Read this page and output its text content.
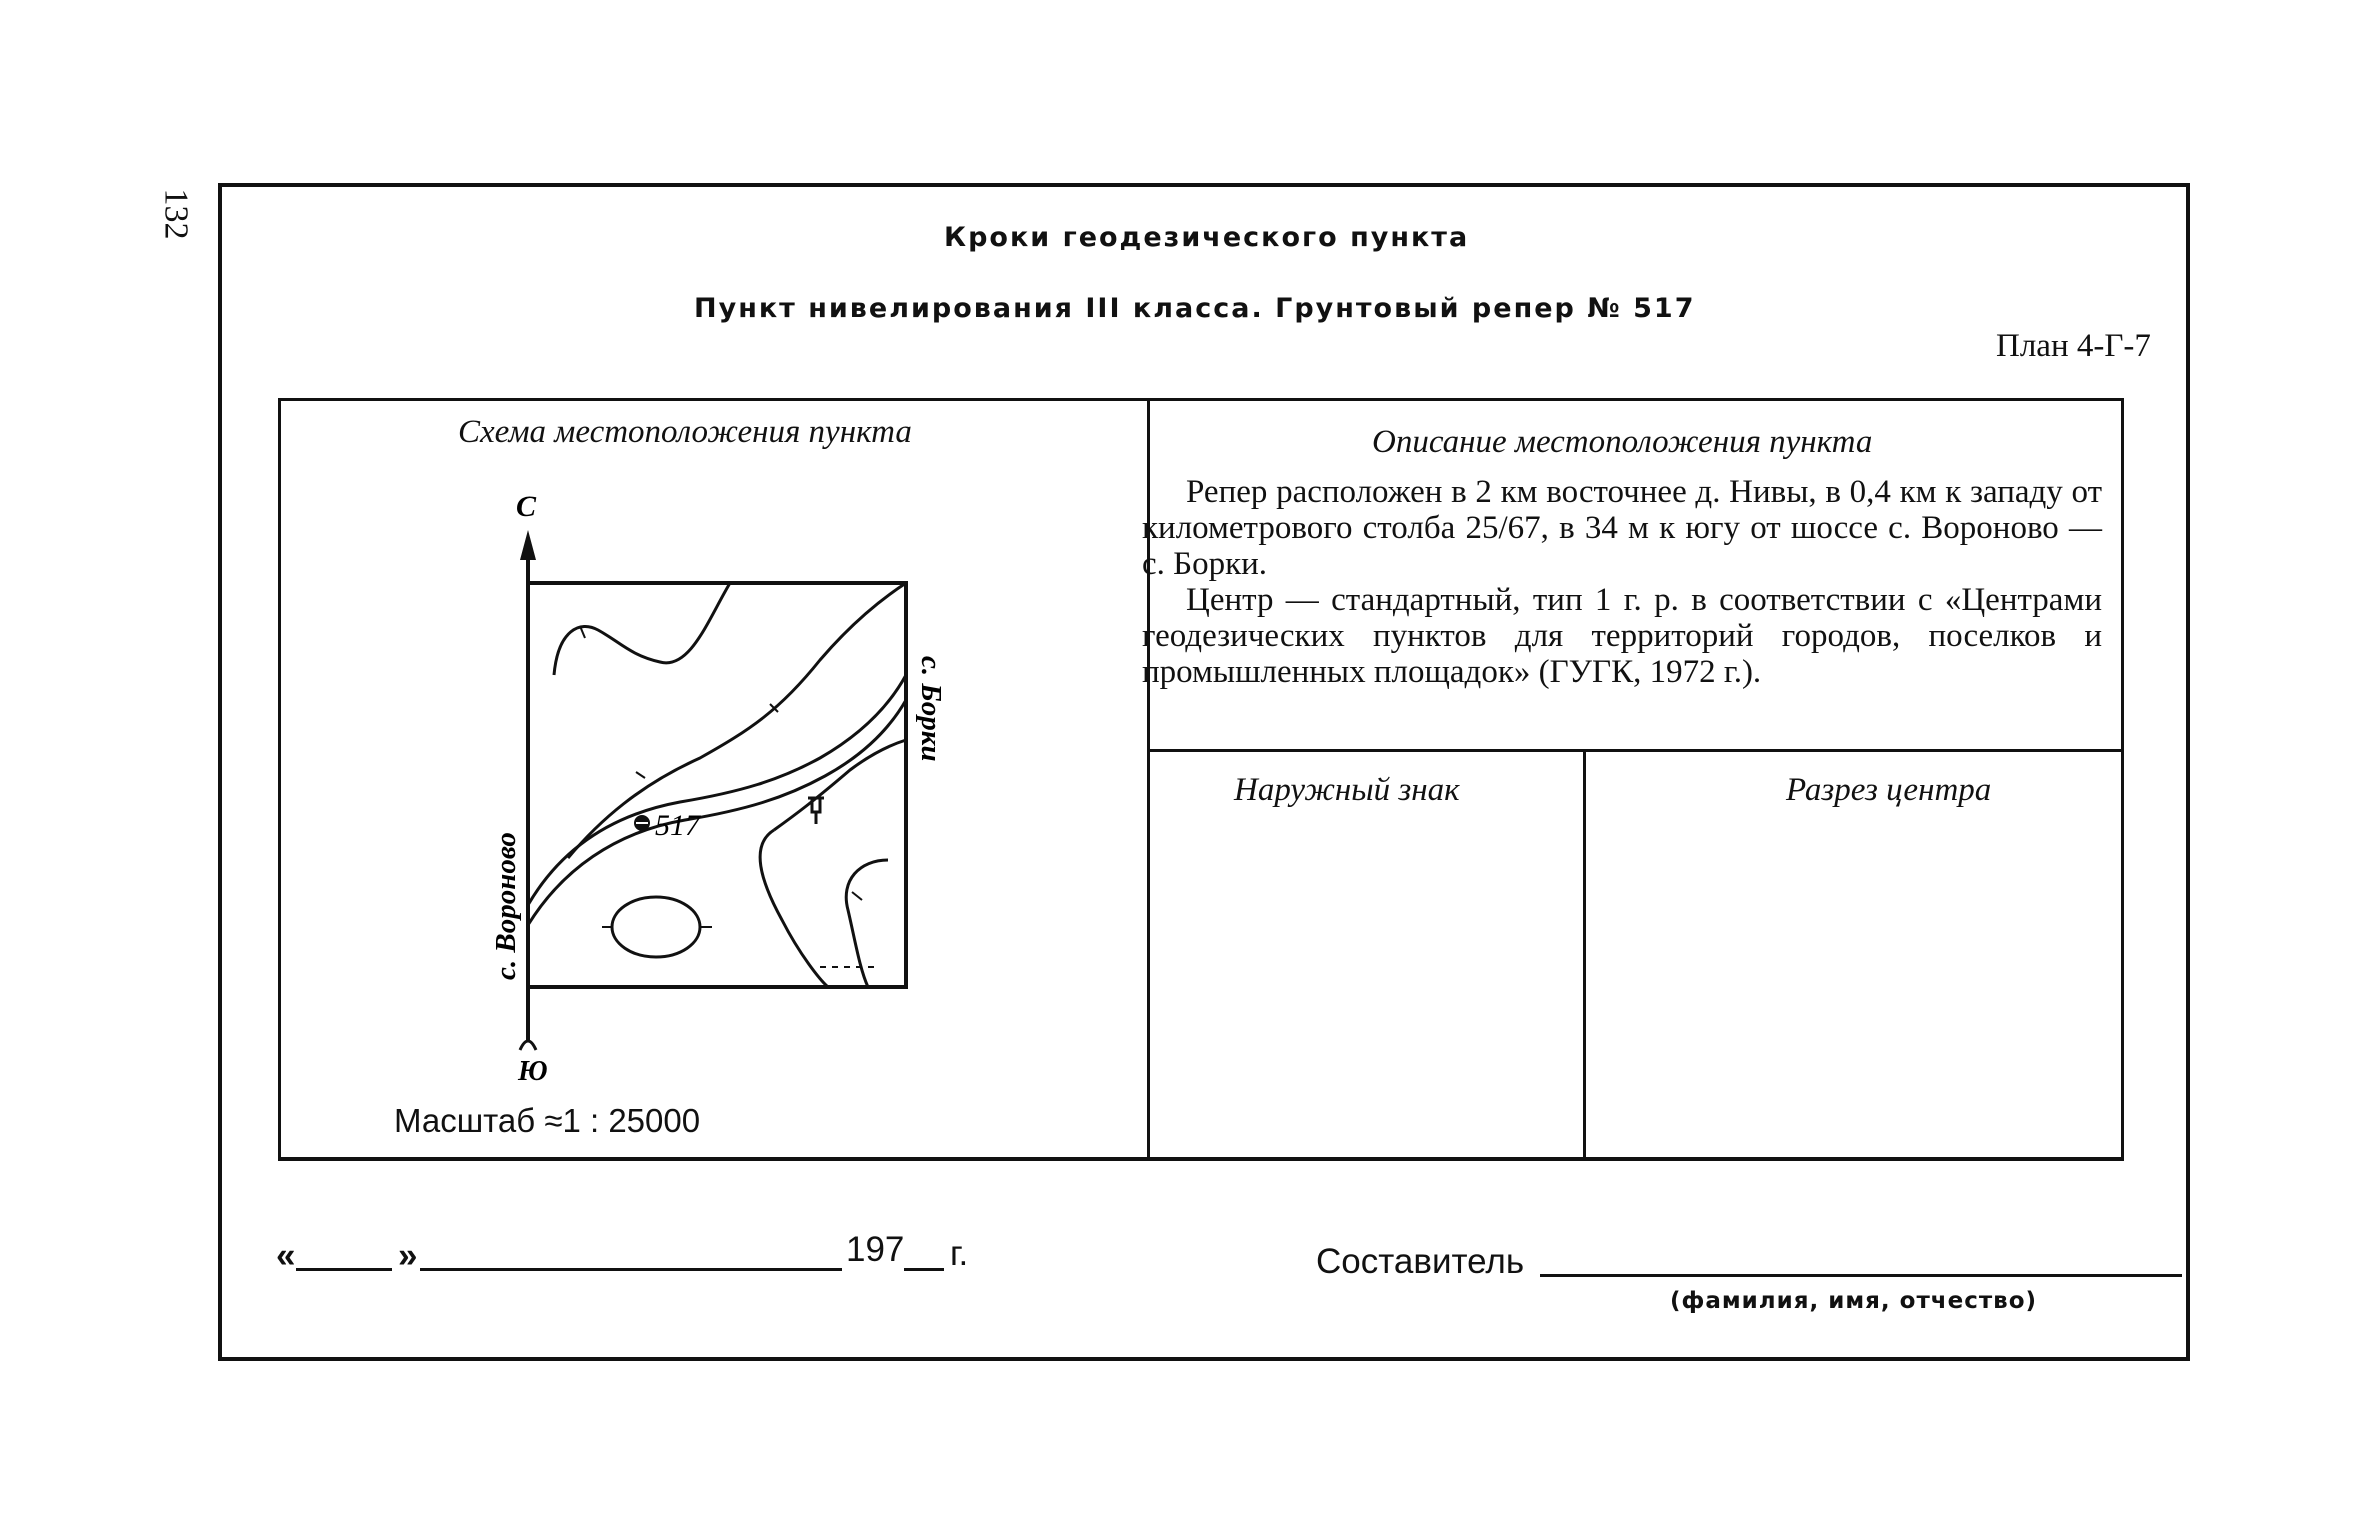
132	Кроки геодезического пункта
Пункт нивелирования III класса. Грунтовый репер № 517
План 4-Г-7
Схема местоположения пункта	Описание местоположения пункта

Репер расположен в 2 км восточнее д. Нивы, в 0,4 км к западу от километрового столба 25/67, в 34 м к югу от шоссе с. Вороново — с. Борки.

Центр — стандартный, тип 1 г. р. в соответствии с «Центрами геодезических пунктов для территорий городов, поселков и промышленных площадок» (ГУГК, 1972 г.).

Наружный знак	Разрез центра
С
Ю
517
с. Вороново
с. Борки
Масштаб ≈1 : 25000
«	»	197 г.	Составитель
(фамилия, имя, отчество)
